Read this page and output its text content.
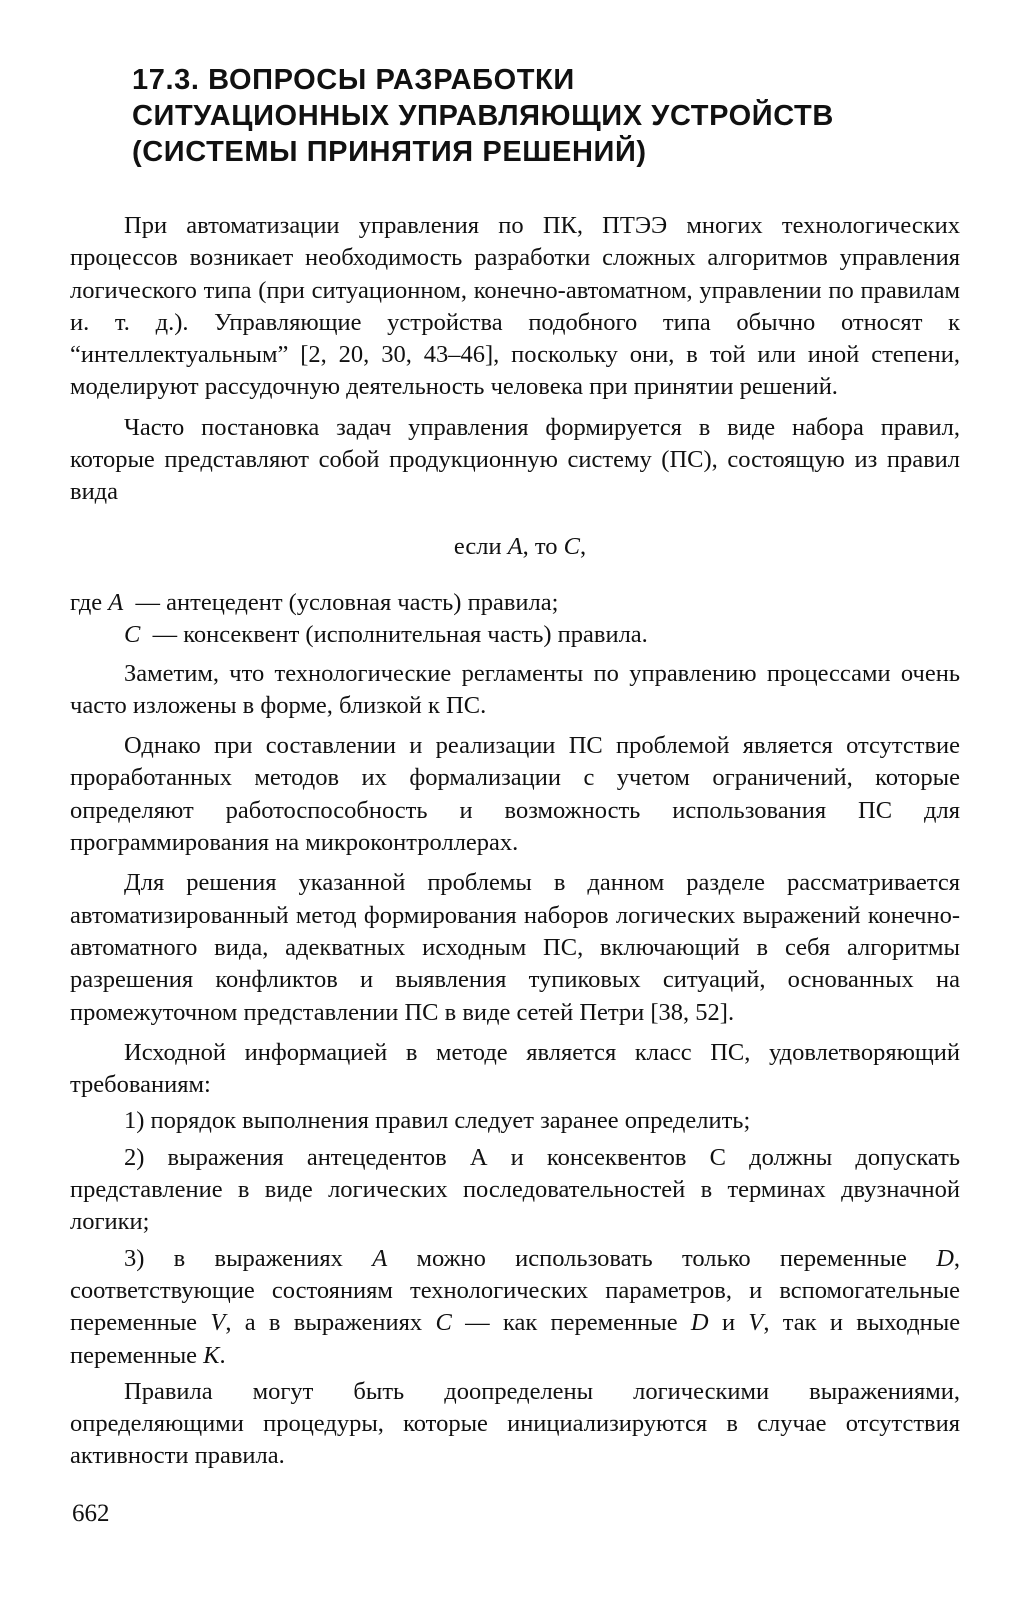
17.3. ВОПРОСЫ РАЗРАБОТКИ
СИТУАЦИОННЫХ УПРАВЛЯЮЩИХ УСТРОЙСТВ
(СИСТЕМЫ ПРИНЯТИЯ РЕШЕНИЙ)

При автоматизации управления по ПК, ПТЭЭ многих технологических процессов возникает необходимость разработки сложных алгоритмов управления логического типа (при ситуационном, конечно-автоматном, управлении по правилам и. т. д.). Управляющие устройства подобного типа обычно относят к “интеллектуальным” [2, 20, 30, 43–46], поскольку они, в той или иной степени, моделируют рассудочную деятельность человека при принятии решений.

Часто постановка задач управления формируется в виде набора правил, которые представляют собой продукционную систему (ПС), состоящую из правил вида

если A, то C,

где A — антецедент (условная часть) правила;

C — консеквент (исполнительная часть) правила.

Заметим, что технологические регламенты по управлению процессами очень часто изложены в форме, близкой к ПС.

Однако при составлении и реализации ПС проблемой является отсутствие проработанных методов их формализации с учетом ограничений, которые определяют работоспособность и возможность использования ПС для программирования на микроконтроллерах.

Для решения указанной проблемы в данном разделе рассматривается автоматизированный метод формирования наборов логических выражений конечно-автоматного вида, адекватных исходным ПС, включающий в себя алгоритмы разрешения конфликтов и выявления тупиковых ситуаций, основанных на промежуточном представлении ПС в виде сетей Петри [38, 52].

Исходной информацией в методе является класс ПС, удовлетворяющий требованиям:

1) порядок выполнения правил следует заранее определить;

2) выражения антецедентов А и консеквентов С должны допускать представление в виде логических последовательностей в терминах двузначной логики;

3) в выражениях A можно использовать только переменные D, соответствующие состояниям технологических параметров, и вспомогательные переменные V, а в выражениях C — как переменные D и V, так и выходные переменные K.

Правила могут быть доопределены логическими выражениями, определяющими процедуры, которые инициализируются в случае отсутствия активности правила.

662
